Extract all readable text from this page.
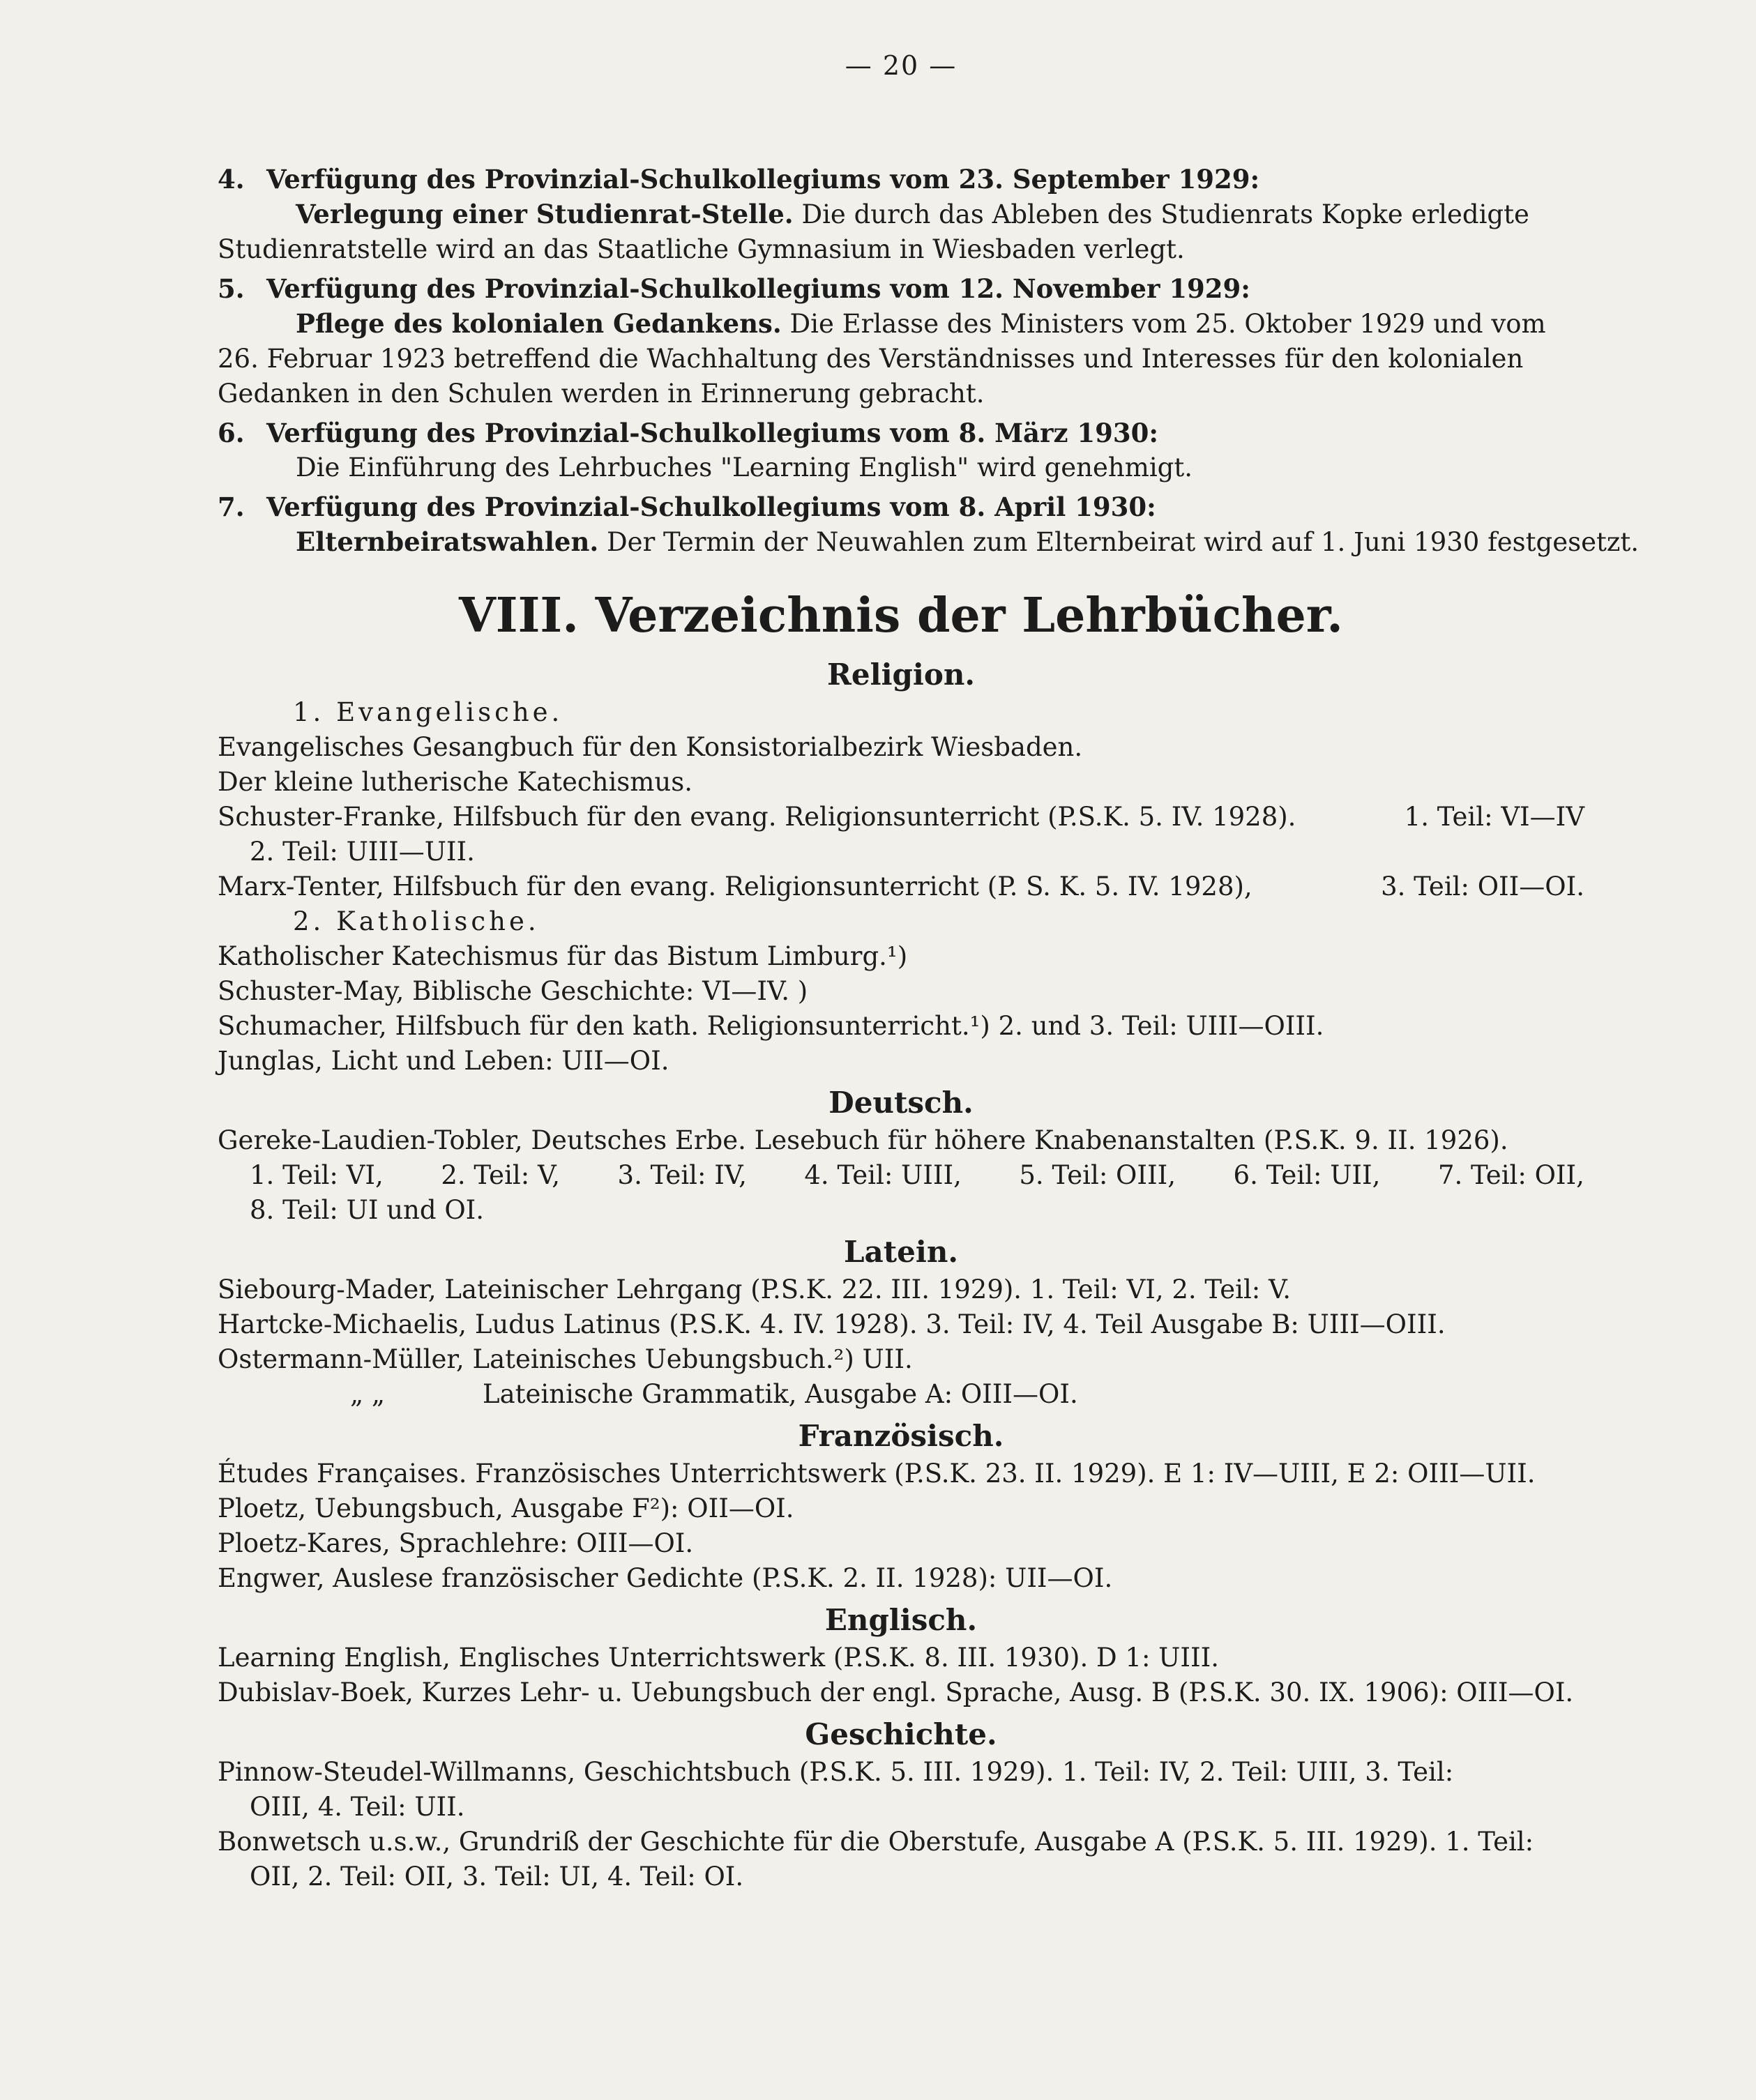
— 20 —
4. Verfügung des Provinzial-Schulkollegiums vom 23. September 1929:
Verlegung einer Studienrat-Stelle. Die durch das Ableben des Studienrats Kopke erledigte
Studienratstelle wird an das Staatliche Gymnasium in Wiesbaden verlegt.
5. Verfügung des Provinzial-Schulkollegiums vom 12. November 1929:
Pflege des kolonialen Gedankens. Die Erlasse des Ministers vom 25. Oktober 1929 und vom
26. Februar 1923 betreffend die Wachhaltung des Verständnisses und Interesses für den kolonialen
Gedanken in den Schulen werden in Erinnerung gebracht.
6. Verfügung des Provinzial-Schulkollegiums vom 8. März 1930:
Die Einführung des Lehrbuches "Learning English" wird genehmigt.
7. Verfügung des Provinzial-Schulkollegiums vom 8. April 1930:
Elternbeiratswahlen. Der Termin der Neuwahlen zum Elternbeirat wird auf 1. Juni 1930 festgesetzt.
VIII. Verzeichnis der Lehrbücher.
Religion.
1. Evangelische.
Evangelisches Gesangbuch für den Konsistorialbezirk Wiesbaden.
Der kleine lutherische Katechismus.
Schuster-Franke, Hilfsbuch für den evang. Religionsunterricht (P.S.K. 5. IV. 1928).	1. Teil: VI—IV
2. Teil: UIII—UII.
Marx-Tenter, Hilfsbuch für den evang. Religionsunterricht (P. S. K. 5. IV. 1928),	3. Teil: OII—OI.
2. Katholische.
Katholischer Katechismus für das Bistum Limburg.¹)
Schuster-May, Biblische Geschichte: VI—IV. )
Schumacher, Hilfsbuch für den kath. Religionsunterricht.¹) 2. und 3. Teil: UIII—OIII.
Junglas, Licht und Leben: UII—OI.
Deutsch.
Gereke-Laudien-Tobler, Deutsches Erbe. Lesebuch für höhere Knabenanstalten (P.S.K. 9. II. 1926).
1. Teil: VI, 2. Teil: V, 3. Teil: IV, 4. Teil: UIII, 5. Teil: OIII, 6. Teil: UII, 7. Teil: OII,
8. Teil: UI und OI.
Latein.
Siebourg-Mader, Lateinischer Lehrgang (P.S.K. 22. III. 1929). 1. Teil: VI, 2. Teil: V.
Hartcke-Michaelis, Ludus Latinus (P.S.K. 4. IV. 1928). 3. Teil: IV, 4. Teil Ausgabe B: UIII—OIII.
Ostermann-Müller, Lateinisches Uebungsbuch.²) UII.
„ „	Lateinische Grammatik, Ausgabe A: OIII—OI.
Französisch.
Études Françaises. Französisches Unterrichtswerk (P.S.K. 23. II. 1929). E 1: IV—UIII, E 2: OIII—UII.
Ploetz, Uebungsbuch, Ausgabe F²): OII—OI.
Ploetz-Kares, Sprachlehre: OIII—OI.
Engwer, Auslese französischer Gedichte (P.S.K. 2. II. 1928): UII—OI.
Englisch.
Learning English, Englisches Unterrichtswerk (P.S.K. 8. III. 1930). D 1: UIII.
Dubislav-Boek, Kurzes Lehr- u. Uebungsbuch der engl. Sprache, Ausg. B (P.S.K. 30. IX. 1906): OIII—OI.
Geschichte.
Pinnow-Steudel-Willmanns, Geschichtsbuch (P.S.K. 5. III. 1929). 1. Teil: IV, 2. Teil: UIII, 3. Teil:
OIII, 4. Teil: UII.
Bonwetsch u.s.w., Grundriß der Geschichte für die Oberstufe, Ausgabe A (P.S.K. 5. III. 1929). 1. Teil:
OII, 2. Teil: OII, 3. Teil: UI, 4. Teil: OI.
